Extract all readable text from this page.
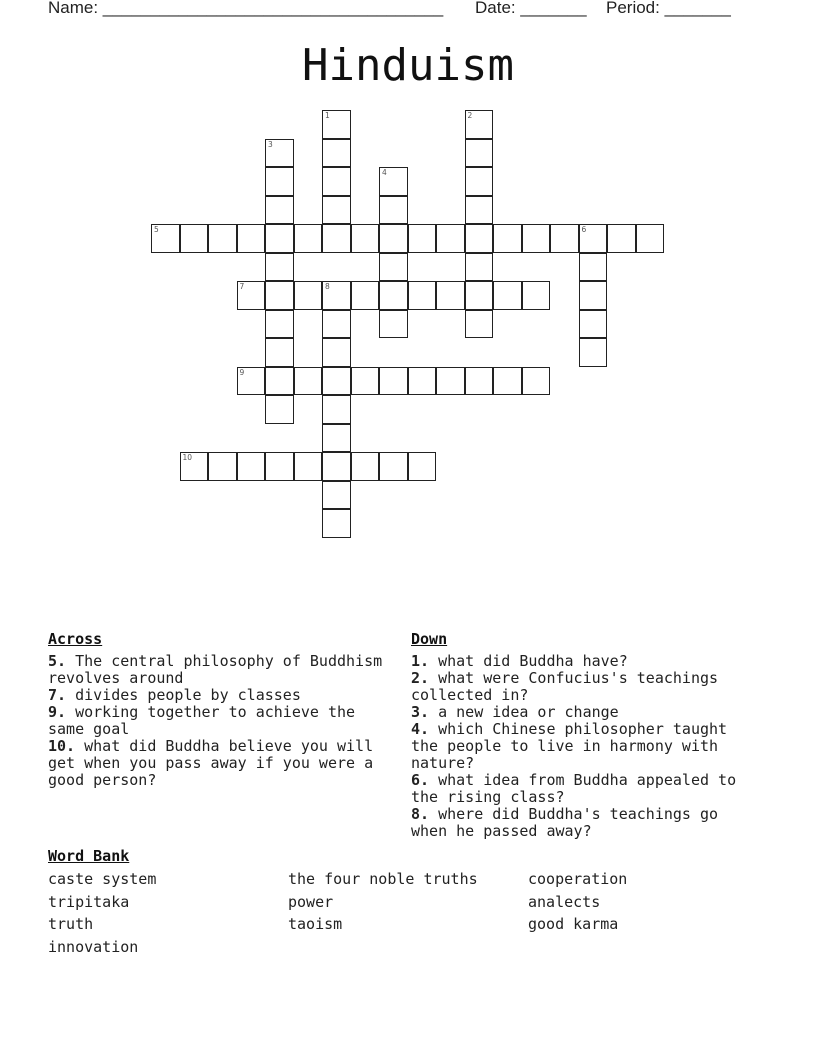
Name: ____________________________________ Date: _______ Period: _______
Hinduism
1	2
3
4
5	6
7	8
9
10
Across
5. The central philosophy of Buddhism revolves around
7. divides people by classes
9. working together to achieve the same goal
10. what did Buddha believe you will get when you pass away if you were a good person?
Down
1. what did Buddha have?
2. what were Confucius's teachings collected in?
3. a new idea or change
4. which Chinese philosopher taught the people to live in harmony with nature?
6. what idea from Buddha appealed to the rising class?
8. where did Buddha's teachings go when he passed away?
Word Bank
caste system	the four noble truths	cooperation
tripitaka	power	analects
truth	taoism	good karma
innovation
